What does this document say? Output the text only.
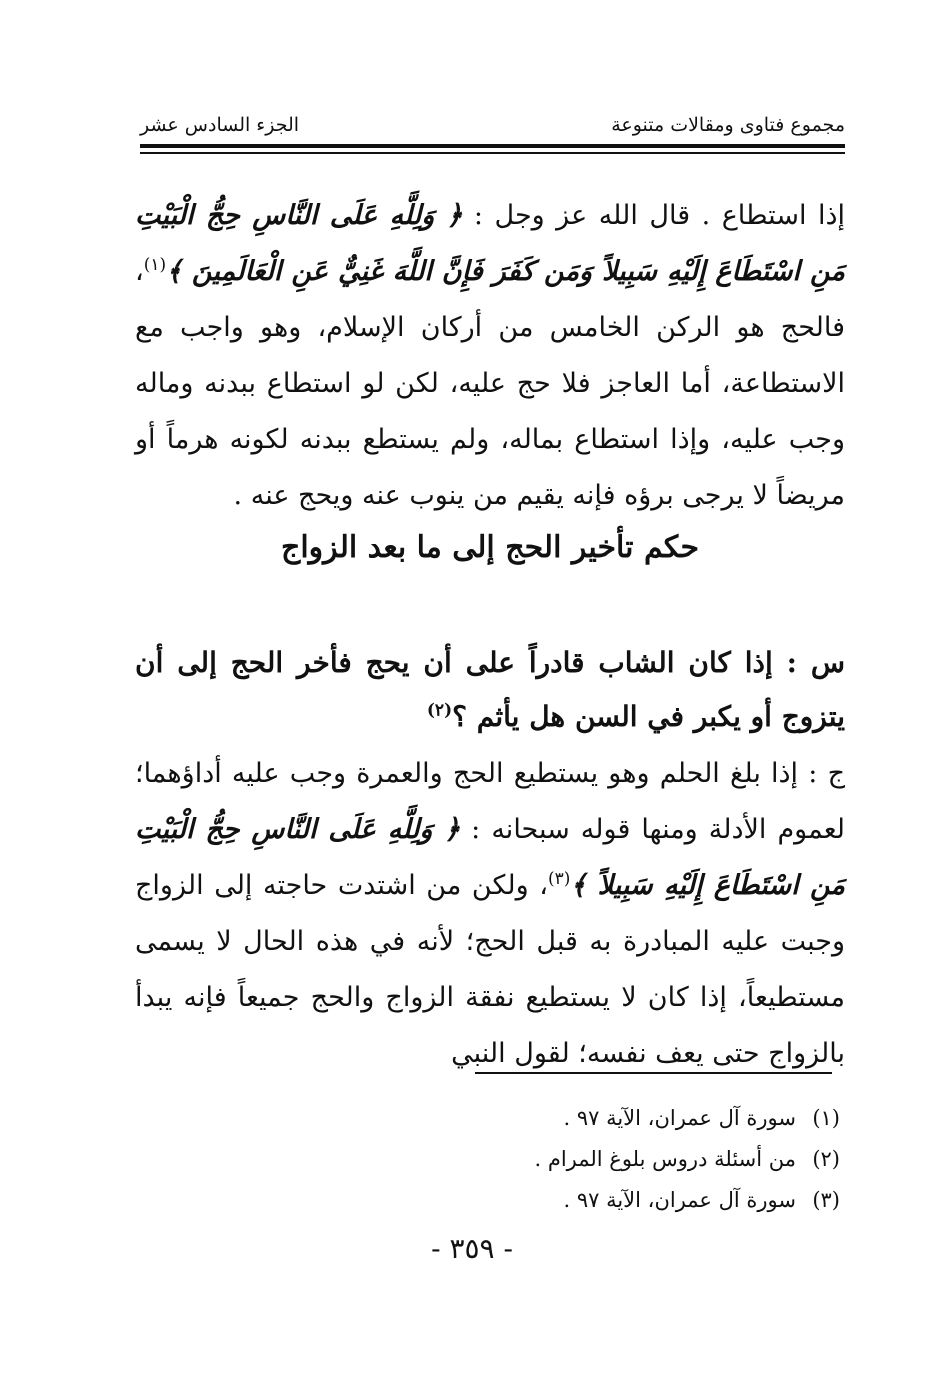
مجموع فتاوى ومقالات متنوعة
الجزء السادس عشر

إذا استطاع . قال الله عز وجل : ﴿ وَلِلَّهِ عَلَى النَّاسِ حِجُّ الْبَيْتِ مَنِ اسْتَطَاعَ إِلَيْهِ سَبِيلاً وَمَن كَفَرَ فَإِنَّ اللَّهَ غَنِيٌّ عَنِ الْعَالَمِينَ ﴾$^{(١)}$، فالحج هو الركن الخامس من أركان الإسلام، وهو واجب مع الاستطاعة، أما العاجز فلا حج عليه، لكن لو استطاع ببدنه وماله وجب عليه، وإذا استطاع بماله، ولم يستطع ببدنه لكونه هرماً أو مريضاً لا يرجى برؤه فإنه يقيم من ينوب عنه ويحج عنه .

حكم تأخير الحج إلى ما بعد الزواج

س : إذا كان الشاب قادراً على أن يحج فأخر الحج إلى أن يتزوج أو يكبر في السن هل يأثم ؟$^{(٢)}$

ج : إذا بلغ الحلم وهو يستطيع الحج والعمرة وجب عليه أداؤهما؛ لعموم الأدلة ومنها قوله سبحانه : ﴿ وَلِلَّهِ عَلَى النَّاسِ حِجُّ الْبَيْتِ مَنِ اسْتَطَاعَ إِلَيْهِ سَبِيلاً ﴾$^{(٣)}$، ولكن من اشتدت حاجته إلى الزواج وجبت عليه المبادرة به قبل الحج؛ لأنه في هذه الحال لا يسمى مستطيعاً، إذا كان لا يستطيع نفقة الزواج والحج جميعاً فإنه يبدأ بالزواج حتى يعف نفسه؛ لقول النبي

(١)سورة آل عمران، الآية ٩٧ .
(٢)من أسئلة دروس بلوغ المرام .
(٣)سورة آل عمران، الآية ٩٧ .
- ٣٥٩ -
